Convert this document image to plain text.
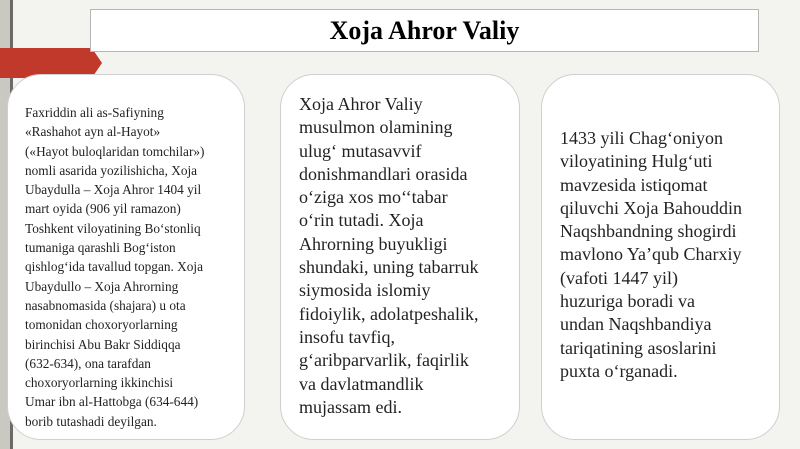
Xoja Ahror Valiy

Faxriddin ali as-Safiyning
«Rashahot ayn al-Hayot»
(«Hayot buloqlaridan tomchilar»)
nomli asarida yozilishicha, Xoja
Ubaydulla – Xoja Ahror 1404 yil
mart oyida (906 yil ramazon)
Toshkent viloyatining Bo‘stonliq
tumaniga qarashli Bog‘iston
qishlog‘ida tavallud topgan. Xoja
Ubaydullo – Xoja Ahrorning
nasabnomasida (shajara) u ota
tomonidan choxoryorlarning
birinchisi Abu Bakr Siddiqqa
(632-634), ona tarafdan
choxoryorlarning ikkinchisi
Umar ibn al-Hattobga (634-644)
borib tutashadi deyilgan.

Xoja Ahror Valiy
musulmon olamining
ulug‘ mutasavvif
donishmandlari orasida
o‘ziga xos mo‘‘tabar
o‘rin tutadi. Xoja
Ahrorning buyukligi
shundaki, uning tabarruk
siymosida islomiy
fidoiylik, adolatpeshalik,
insofu tavfiq,
g‘aribparvarlik, faqirlik
va davlatmandlik
mujassam edi.

1433 yili Chag‘oniyon
viloyatining Hulg‘uti
mavzesida istiqomat
qiluvchi Xoja Bahouddin
Naqshbandning shogirdi
mavlono Ya’qub Charxiy
(vafoti 1447 yil)
huzuriga boradi va
undan Naqshbandiya
tariqatining asoslarini
puxta o‘rganadi.
